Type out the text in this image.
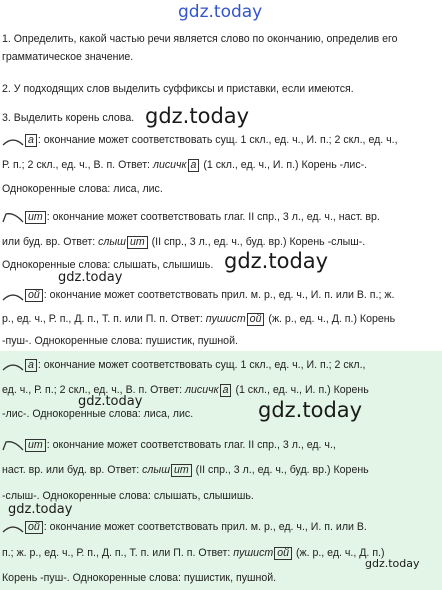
gdz.today
1. Определить, какой частью речи является слово по окончанию, определив его
грамматическое значение.
2. У подходящих слов выделить суффиксы и приставки, если имеются.
3. Выделить корень слова. gdz.today
а : окончание может соответствовать сущ. 1 скл., ед. ч., И. п.; 2 скл., ед. ч.,
Р. п.; 2 скл., ед. ч., В. п. Ответ: лисичк а (1 скл., ед. ч., И. п.) Корень -лис-.
Однокоренные слова: лиса, лис.
ит : окончание может соответствовать глаг. II спр., 3 л., ед. ч., наст. вр.
или буд. вр. Ответ: слыш ит (II спр., 3 л., ед. ч., буд. вр.) Корень -слыш-.
Однокоренные слова: слышать, слышишь. gdz.today
gdz.today
ой : окончание может соответствовать прил. м. р., ед. ч., И. п. или В. п.; ж.
р., ед. ч., Р. п., Д. п., Т. п. или П. п. Ответ: пушист ой (ж. р., ед. ч., Д. п.) Корень
-пуш-. Однокоренные слова: пушистик, пушной.
а : окончание может соответствовать сущ. 1 скл., ед. ч., И. п.; 2 скл.,
ед. ч., Р. п.; 2 скл., ед. ч., В. п. Ответ: лисичк а (1 скл., ед. ч., И. п.) Корень
-лис-. Однокоренные слова: лиса, лис.
gdz.today	gdz.today
ит : окончание может соответствовать глаг. II спр., 3 л., ед. ч.,
наст. вр. или буд. вр. Ответ: слыш ит (II спр., 3 л., ед. ч., буд. вр.) Корень
-слыш-. Однокоренные слова: слышать, слышишь.
gdz.today
ой : окончание может соответствовать прил. м. р., ед. ч., И. п. или В.
п.; ж. р., ед. ч., Р. п., Д. п., Т. п. или П. п. Ответ: пушист ой (ж. р., ед. ч., Д. п.)
Корень -пуш-. Однокоренные слова: пушистик, пушной.
gdz.today
